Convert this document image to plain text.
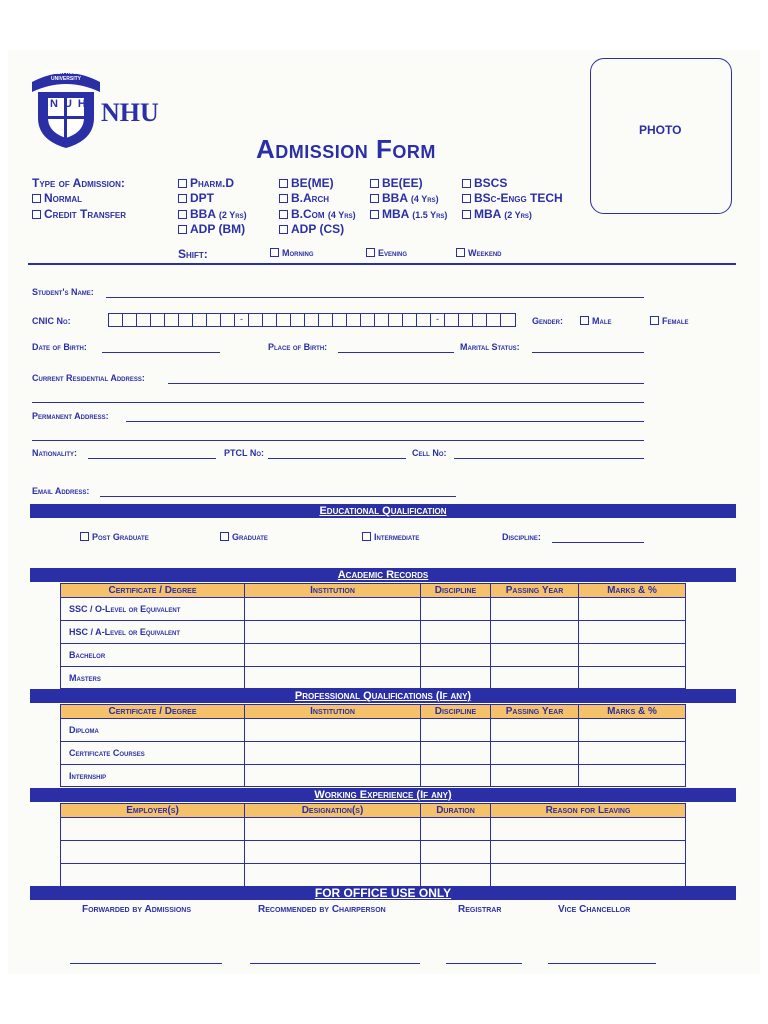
NAZEER HUSSAIN UNIVERSITY
NUH NHU
Admission Form
PHOTO
Type of Admission:
Normal
Credit Transfer
Pharm.D
DPT
BBA (2 Yrs)
ADP (BM)
BE(ME)
B.Arch
B.Com (4 Yrs)
ADP (CS)
BE(EE)
BBA (4 Yrs)
MBA (1.5 Yrs)
BSCS
BSc-Engg TECH
MBA (2 Yrs)
Shift:	Morning	Evening	Weekend
Student's Name:
CNIC No:	-	-	Gender:	Male	Female
Date of Birth:	Place of Birth:	Marital Status:
Current Residential Address:
Permanent Address:
Nationality:	PTCL No:	Cell No:
Email Address:
Educational Qualification
Post Graduate	Graduate	Intermediate	Discipline:
Academic Records
Certificate / Degree	Institution	Discipline	Passing Year	Marks & %
SSC / O-Level or Equivalent				
HSC / A-Level or Equivalent				
Bachelor				
Masters				
Professional Qualifications (If any)
Certificate / Degree	Institution	Discipline	Passing Year	Marks & %
Diploma				
Certificate Courses				
Internship				
Working Experience (If any)
Employer(s)	Designation(s)	Duration	Reason for Leaving

FOR OFFICE USE ONLY
Forwarded by Admissions	Recommended by Chairperson	Registrar	Vice Chancellor
